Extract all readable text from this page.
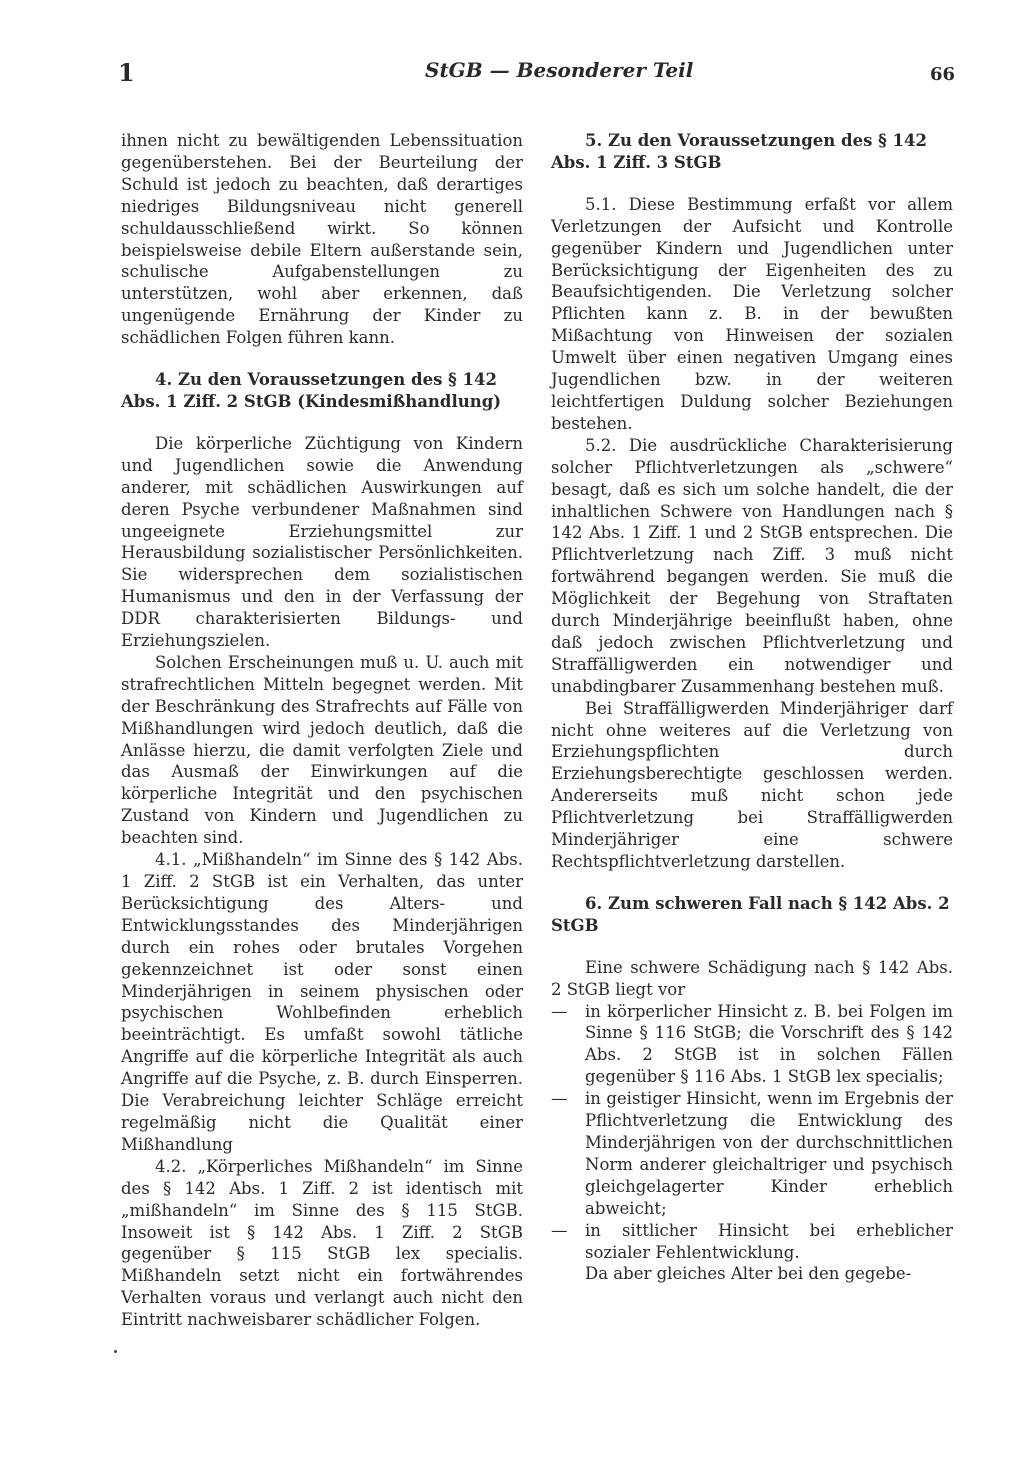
1	StGB — Besonderer Teil	66

ihnen nicht zu bewältigenden Lebenssituation gegenüberstehen. Bei der Beurteilung der Schuld ist jedoch zu beachten, daß derartiges niedriges Bildungsniveau nicht generell schuldausschließend wirkt. So können beispielsweise debile Eltern außerstande sein, schulische Aufgabenstellungen zu unterstützen, wohl aber erkennen, daß ungenügende Ernährung der Kinder zu schädlichen Folgen führen kann.

4. Zu den Voraussetzungen des § 142 Abs. 1 Ziff. 2 StGB (Kindesmißhandlung)

Die körperliche Züchtigung von Kindern und Jugendlichen sowie die Anwendung anderer, mit schädlichen Auswirkungen auf deren Psyche verbundener Maßnahmen sind ungeeignete Erziehungsmittel zur Herausbildung sozialistischer Persönlichkeiten. Sie widersprechen dem sozialistischen Humanismus und den in der Verfassung der DDR charakterisierten Bildungs- und Erziehungszielen.

Solchen Erscheinungen muß u. U. auch mit strafrechtlichen Mitteln begegnet werden. Mit der Beschränkung des Strafrechts auf Fälle von Mißhandlungen wird jedoch deutlich, daß die Anlässe hierzu, die damit verfolgten Ziele und das Ausmaß der Einwirkungen auf die körperliche Integrität und den psychischen Zustand von Kindern und Jugendlichen zu beachten sind.

4.1. „Mißhandeln“ im Sinne des § 142 Abs. 1 Ziff. 2 StGB ist ein Verhalten, das unter Berücksichtigung des Alters- und Entwicklungsstandes des Minderjährigen durch ein rohes oder brutales Vorgehen gekennzeichnet ist oder sonst einen Minderjährigen in seinem physischen oder psychischen Wohlbefinden erheblich beeinträchtigt. Es umfaßt sowohl tätliche Angriffe auf die körperliche Integrität als auch Angriffe auf die Psyche, z. B. durch Einsperren. Die Verabreichung leichter Schläge erreicht regelmäßig nicht die Qualität einer Mißhandlung

4.2. „Körperliches Mißhandeln“ im Sinne des § 142 Abs. 1 Ziff. 2 ist identisch mit „mißhandeln“ im Sinne des § 115 StGB. Insoweit ist § 142 Abs. 1 Ziff. 2 StGB gegenüber § 115 StGB lex specialis. Mißhandeln setzt nicht ein fortwährendes Verhalten voraus und verlangt auch nicht den Eintritt nachweisbarer schädlicher Folgen.

5. Zu den Voraussetzungen des § 142 Abs. 1 Ziff. 3 StGB

5.1. Diese Bestimmung erfaßt vor allem Verletzungen der Aufsicht und Kontrolle gegenüber Kindern und Jugendlichen unter Berücksichtigung der Eigenheiten des zu Beaufsichtigenden. Die Verletzung solcher Pflichten kann z. B. in der bewußten Mißachtung von Hinweisen der sozialen Umwelt über einen negativen Umgang eines Jugendlichen bzw. in der weiteren leichtfertigen Duldung solcher Beziehungen bestehen.

5.2. Die ausdrückliche Charakterisierung solcher Pflichtverletzungen als „schwere“ besagt, daß es sich um solche handelt, die der inhaltlichen Schwere von Handlungen nach § 142 Abs. 1 Ziff. 1 und 2 StGB entsprechen. Die Pflichtverletzung nach Ziff. 3 muß nicht fortwährend begangen werden. Sie muß die Möglichkeit der Begehung von Straftaten durch Minderjährige beeinflußt haben, ohne daß jedoch zwischen Pflichtverletzung und Straffälligwerden ein notwendiger und unabdingbarer Zusammenhang bestehen muß.

Bei Straffälligwerden Minderjähriger darf nicht ohne weiteres auf die Verletzung von Erziehungspflichten durch Erziehungsberechtigte geschlossen werden. Andererseits muß nicht schon jede Pflichtverletzung bei Straffälligwerden Minderjähriger eine schwere Rechtspflichtverletzung darstellen.

6. Zum schweren Fall nach § 142 Abs. 2 StGB

Eine schwere Schädigung nach § 142 Abs. 2 StGB liegt vor

— in körperlicher Hinsicht z. B. bei Folgen im Sinne § 116 StGB; die Vorschrift des § 142 Abs. 2 StGB ist in solchen Fällen gegenüber § 116 Abs. 1 StGB lex specialis;
— in geistiger Hinsicht, wenn im Ergebnis der Pflichtverletzung die Entwicklung des Minderjährigen von der durchschnittlichen Norm anderer gleichaltriger und psychisch gleichgelagerter Kinder erheblich abweicht;
— in sittlicher Hinsicht bei erheblicher sozialer Fehlentwicklung.

Da aber gleiches Alter bei den gegebe-
